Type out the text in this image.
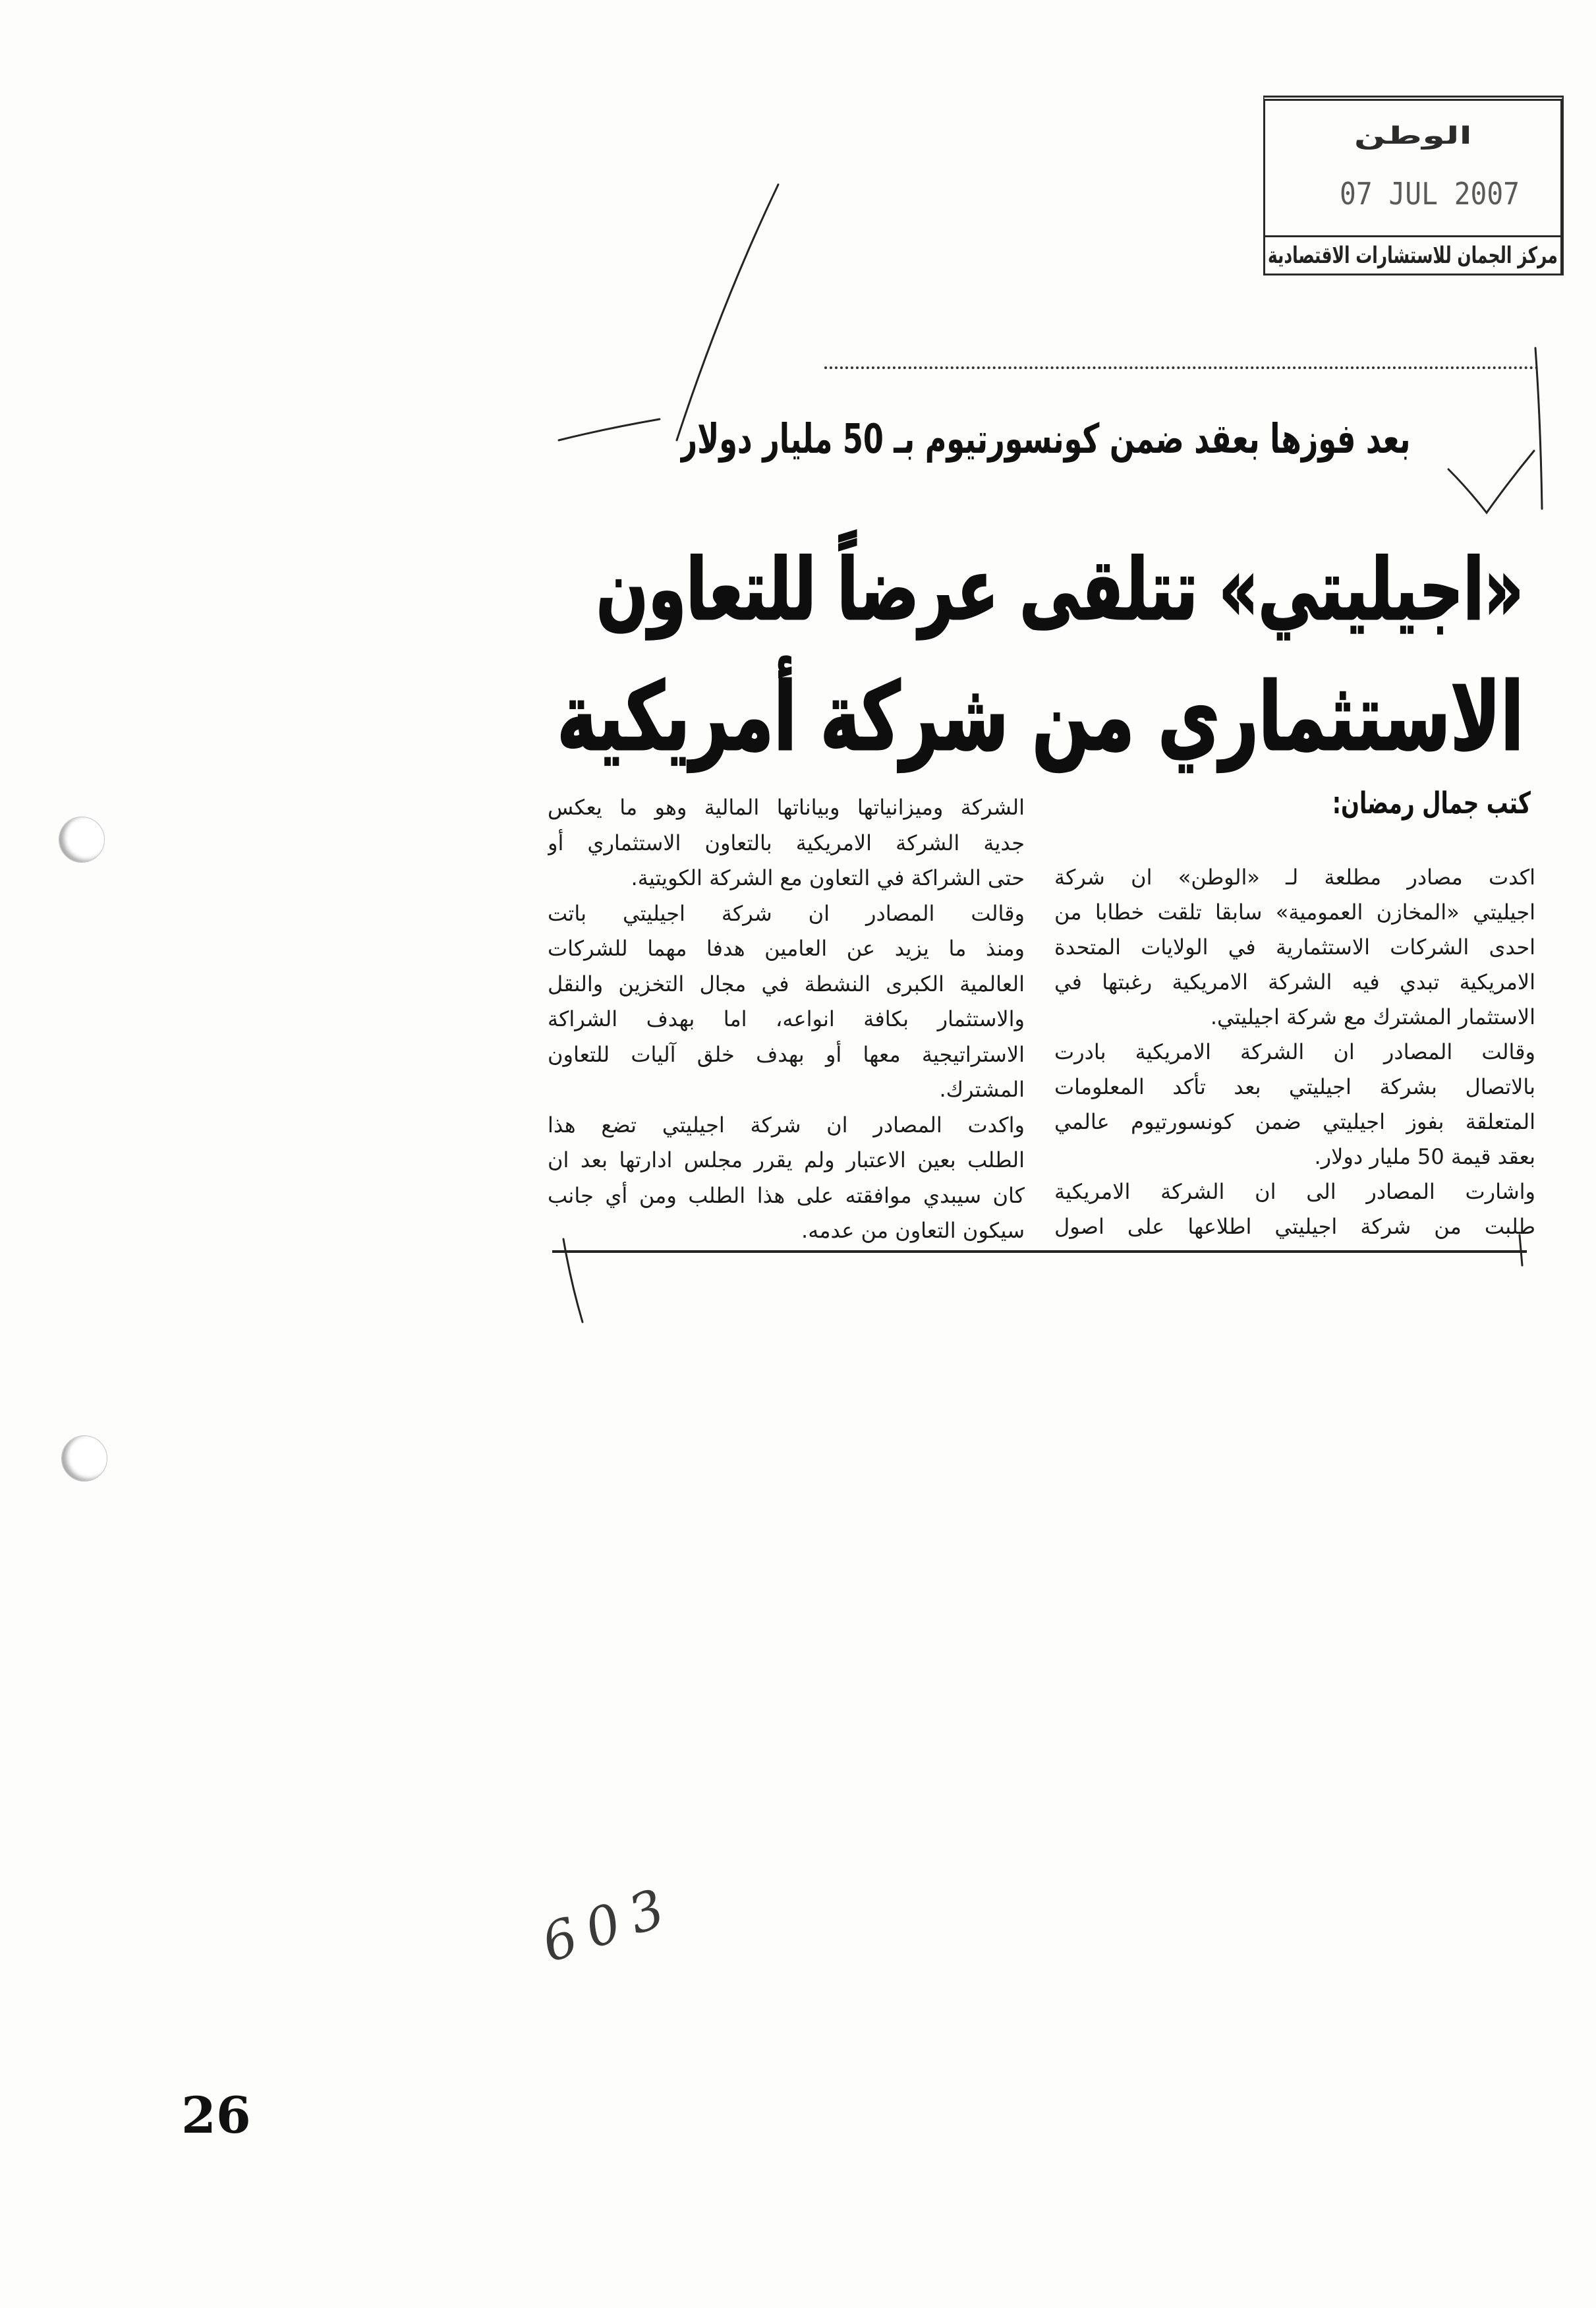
الوطن
07 JUL 2007
مركز الجمان للاستشارات الاقتصادية
بعد فوزها بعقد ضمن كونسورتيوم بـ 50 مليار دولار
«اجيليتي» تتلقى عرضاً للتعاون
الاستثماري من شركة أمريكية
كتب جمال رمضان:
اكدت مصادر مطلعة لـ «الوطن» ان شركة
اجيليتي «المخازن العمومية» سابقا تلقت خطابا من
احدى الشركات الاستثمارية في الولايات المتحدة
الامريكية تبدي فيه الشركة الامريكية رغبتها في
الاستثمار المشترك مع شركة اجيليتي.
وقالت المصادر ان الشركة الامريكية بادرت
بالاتصال بشركة اجيليتي بعد تأكد المعلومات
المتعلقة بفوز اجيليتي ضمن كونسورتيوم عالمي
بعقد قيمة 50 مليار دولار.
واشارت المصادر الى ان الشركة الامريكية
طلبت من شركة اجيليتي اطلاعها على اصول
الشركة وميزانياتها وبياناتها المالية وهو ما يعكس
جدية الشركة الامريكية بالتعاون الاستثماري أو
حتى الشراكة في التعاون مع الشركة الكويتية.
وقالت المصادر ان شركة اجيليتي باتت
ومنذ ما يزيد عن العامين هدفا مهما للشركات
العالمية الكبرى النشطة في مجال التخزين والنقل
والاستثمار بكافة انواعه، اما بهدف الشراكة
الاستراتيجية معها أو بهدف خلق آليات للتعاون
المشترك.
واكدت المصادر ان شركة اجيليتي تضع هذا
الطلب بعين الاعتبار ولم يقرر مجلس ادارتها بعد ان
كان سيبدي موافقته على هذا الطلب ومن أي جانب
سيكون التعاون من عدمه.
603
26
